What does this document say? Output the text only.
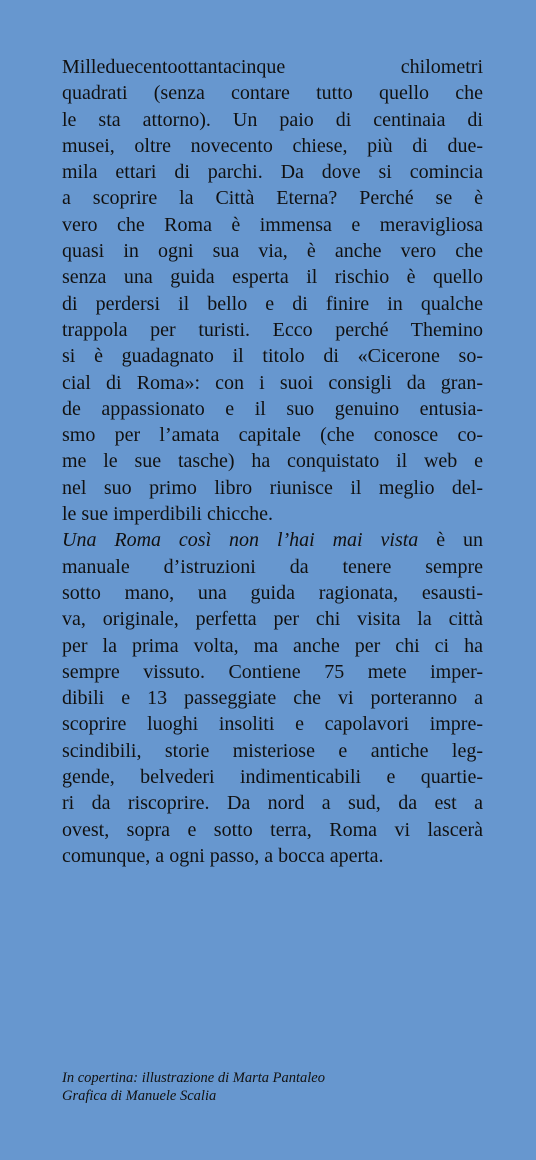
Milleduecentoottantacinque chilometri
quadrati (senza contare tutto quello che
le sta attorno). Un paio di centinaia di
musei, oltre novecento chiese, più di due-
mila ettari di parchi. Da dove si comincia
a scoprire la Città Eterna? Perché se è
vero che Roma è immensa e meravigliosa
quasi in ogni sua via, è anche vero che
senza una guida esperta il rischio è quello
di perdersi il bello e di finire in qualche
trappola per turisti. Ecco perché Themino
si è guadagnato il titolo di «Cicerone so-
cial di Roma»: con i suoi consigli da gran-
de appassionato e il suo genuino entusia-
smo per l’amata capitale (che conosce co-
me le sue tasche) ha conquistato il web e
nel suo primo libro riunisce il meglio del-
le sue imperdibili chicche.

Una Roma così non l’hai mai vista è un
manuale d’istruzioni da tenere sempre
sotto mano, una guida ragionata, esausti-
va, originale, perfetta per chi visita la città
per la prima volta, ma anche per chi ci ha
sempre vissuto. Contiene 75 mete imper-
dibili e 13 passeggiate che vi porteranno a
scoprire luoghi insoliti e capolavori impre-
scindibili, storie misteriose e antiche leg-
gende, belvederi indimenticabili e quartie-
ri da riscoprire. Da nord a sud, da est a
ovest, sopra e sotto terra, Roma vi lascerà
comunque, a ogni passo, a bocca aperta.

In copertina: illustrazione di Marta Pantaleo
Grafica di Manuele Scalia
